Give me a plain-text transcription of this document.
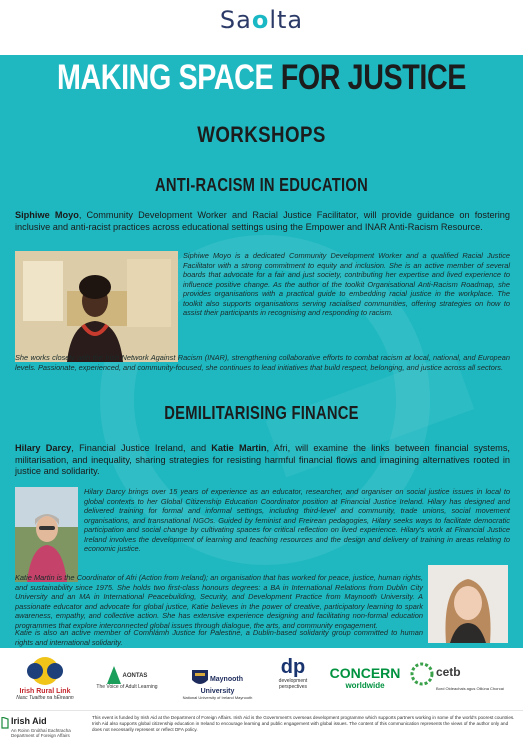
Saolta
MAKING SPACE FOR JUSTICE
WORKSHOPS
ANTI-RACISM IN EDUCATION
Siphiwe Moyo, Community Development Worker and Racial Justice Facilitator, will provide guidance on fostering inclusive and anti-racist practices across educational settings using the Empower and INAR Anti-Racism Resource.
Siphiwe Moyo is a dedicated Community Development Worker and a qualified Racial Justice Facilitator with a strong commitment to equity and inclusion. She is an active member of several boards that advocate for a fair and just society, contributing her expertise and lived experience to influence positive change. As the author of the toolkit Organisational Anti-Racism Roadmap, she provides organisations with a practical guide to embedding racial justice in the workplace. The toolkit also supports organisations serving racialised communities, offering strategies on how to assist their participants in recognising and responding to racism.
She works closely with the Irish Network Against Racism (INAR), strengthening collaborative efforts to combat racism at local, national, and European levels. Passionate, experienced, and community-focused, she continues to lead initiatives that build respect, belonging, and justice across all sectors.
DEMILITARISING FINANCE
Hilary Darcy, Financial Justice Ireland, and Katie Martin, Afri, will examine the links between financial systems, militarisation, and inequality, sharing strategies for resisting harmful financial flows and imagining alternatives rooted in justice and solidarity.
Hilary Darcy brings over 15 years of experience as an educator, researcher, and organiser on social justice issues in local to global contexts to her Global Citizenship Education Coordinator position at Financial Justice Ireland. Hilary has designed and delivered training for formal and informal settings, including third-level and community, trade unions, social movement organisations, and transnational NGOs. Guided by feminist and Freirean pedagogies, Hilary seeks ways to facilitate democratic participation and social change by cultivating spaces for critical reflection on lived experience. Hilary's work at Financial Justice Ireland involves the development of learning and teaching resources and the design and delivery of training in areas relating to economic justice.
Katie Martin is the Coordinator of Afri (Action from Ireland); an organisation that has worked for peace, justice, human rights, and sustainability since 1975. She holds two first-class honours degrees: a BA in International Relations from Dublin City University and an MA in International Peacebuilding, Security, and Development Practice from Maynooth University. A passionate educator and advocate for global justice, Katie believes in the power of creative, participatory learning to spark awareness, empathy, and collective action. She has extensive experience designing and facilitating non-formal education programmes that explore interconnected global issues through dialogue, the arts, and community engagement.
Katie is also an active member of Comhlámh Justice for Palestine, a Dublin-based solidarity group committed to human rights and international solidarity.
Irish Rural Link
Nasc Tuaithe na hÉireann
AONTAS
The Voice of Adult Learning
Maynooth University
National University of Ireland Maynooth
dp
development perspectives
CONCERN
worldwide
cetb
Bord Oideachais agus Oiliúna Chorcaí
Irish Aid
An Roinn Gnóthaí Eachtracha Department of Foreign Affairs
This event is funded by Irish Aid at the Department of Foreign Affairs. Irish Aid is the Government's overseas development programme which supports partners working in some of the world's poorest countries. Irish Aid also supports global citizenship education in Ireland to encourage learning and public engagement with global issues. The content of this communication represents the views of the author only and does not necessarily represent or reflect DFA policy.
